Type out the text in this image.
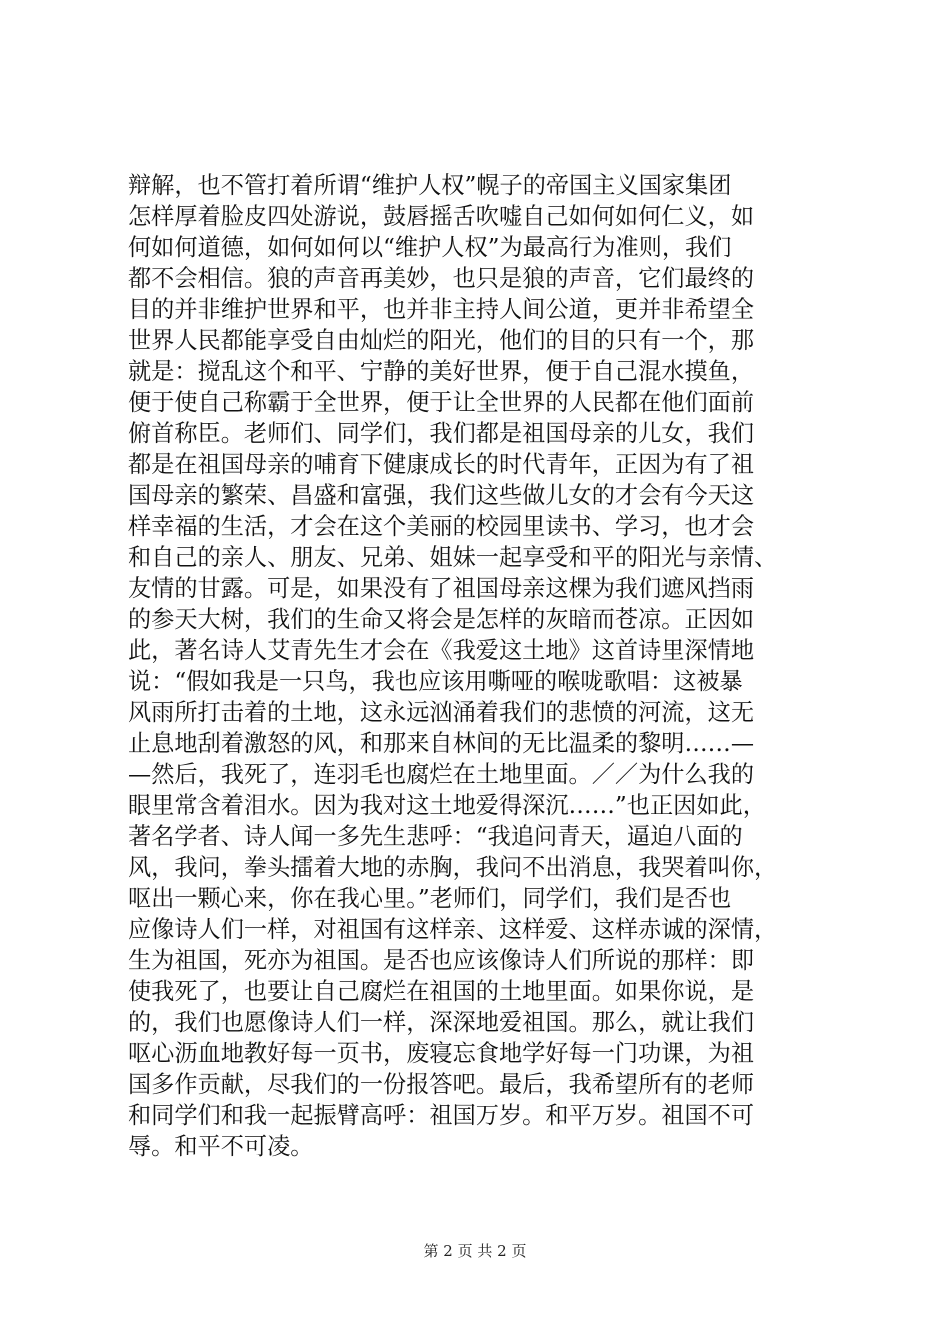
辩解，也不管打着所谓“维护人权”幌子的帝国主义国家集团
怎样厚着脸皮四处游说，鼓唇摇舌吹嘘自己如何如何仁义，如
何如何道德，如何如何以“维护人权”为最高行为准则，我们
都不会相信。狼的声音再美妙，也只是狼的声音，它们最终的
目的并非维护世界和平，也并非主持人间公道，更并非希望全
世界人民都能享受自由灿烂的阳光，他们的目的只有一个，那
就是：搅乱这个和平、宁静的美好世界，便于自己混水摸鱼，
便于使自己称霸于全世界，便于让全世界的人民都在他们面前
俯首称臣。老师们、同学们，我们都是祖国母亲的儿女，我们
都是在祖国母亲的哺育下健康成长的时代青年，正因为有了祖
国母亲的繁荣、昌盛和富强，我们这些做儿女的才会有今天这
样幸福的生活，才会在这个美丽的校园里读书、学习，也才会
和自己的亲人、朋友、兄弟、姐妹一起享受和平的阳光与亲情、
友情的甘露。可是，如果没有了祖国母亲这棵为我们遮风挡雨
的参天大树，我们的生命又将会是怎样的灰暗而苍凉。正因如
此，著名诗人艾青先生才会在《我爱这土地》这首诗里深情地
说：“假如我是一只鸟，我也应该用嘶哑的喉咙歌唱：这被暴
风雨所打击着的土地，这永远汹涌着我们的悲愤的河流，这无
止息地刮着激怒的风，和那来自林间的无比温柔的黎明……—
—然后，我死了，连羽毛也腐烂在土地里面。／／为什么我的
眼里常含着泪水。因为我对这土地爱得深沉……”也正因如此，
著名学者、诗人闻一多先生悲呼：“我追问青天，逼迫八面的
风，我问，拳头擂着大地的赤胸，我问不出消息，我哭着叫你，
呕出一颗心来，你在我心里。”老师们，同学们，我们是否也
应像诗人们一样，对祖国有这样亲、这样爱、这样赤诚的深情，
生为祖国，死亦为祖国。是否也应该像诗人们所说的那样：即
使我死了，也要让自己腐烂在祖国的土地里面。如果你说，是
的，我们也愿像诗人们一样，深深地爱祖国。那么，就让我们
呕心沥血地教好每一页书，废寝忘食地学好每一门功课，为祖
国多作贡献，尽我们的一份报答吧。最后，我希望所有的老师
和同学们和我一起振臂高呼：祖国万岁。和平万岁。祖国不可
辱。和平不可凌。
第 2 页 共 2 页
